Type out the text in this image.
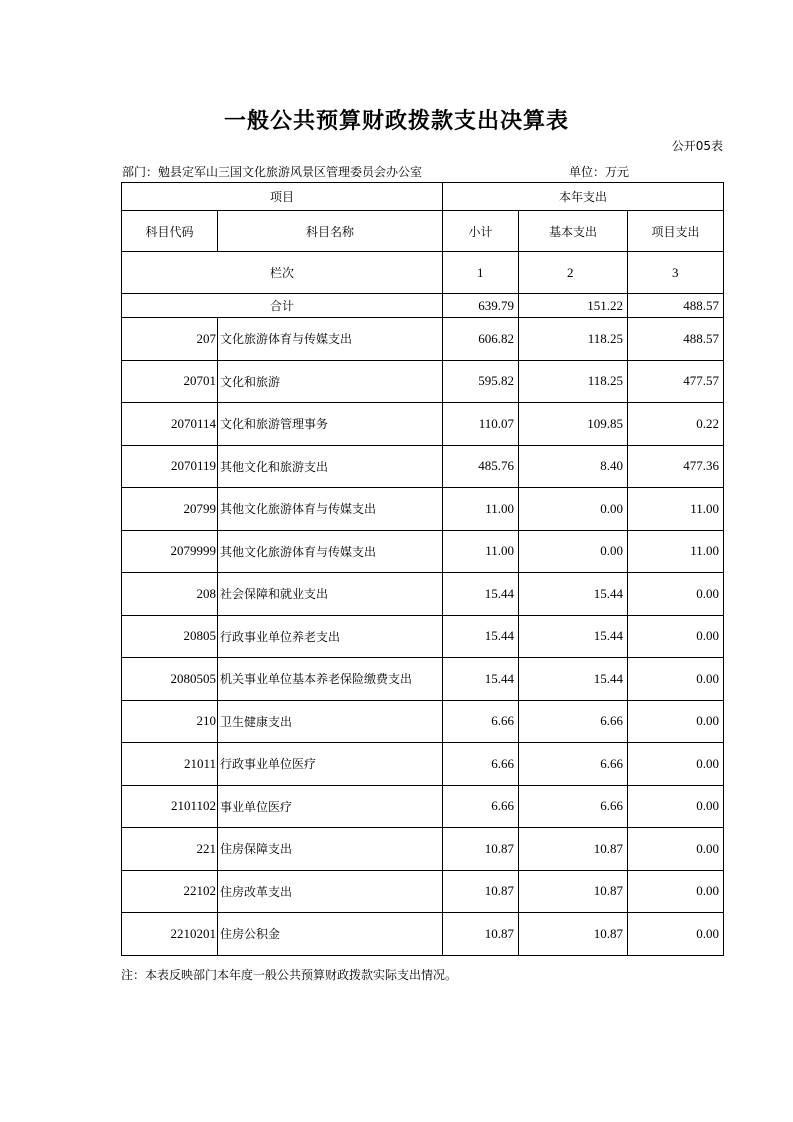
一般公共预算财政拨款支出决算表
公开05表
部门：勉县定军山三国文化旅游风景区管理委员会办公室	单位：万元
项目		本年支出		
科目代码	科目名称	小计	基本支出	项目支出
栏次		1	2	3
合计		639.79	151.22	488.57
207	文化旅游体育与传媒支出	606.82	118.25	488.57
20701	文化和旅游	595.82	118.25	477.57
2070114	文化和旅游管理事务	110.07	109.85	0.22
2070119	其他文化和旅游支出	485.76	8.40	477.36
20799	其他文化旅游体育与传媒支出	11.00	0.00	11.00
2079999	其他文化旅游体育与传媒支出	11.00	0.00	11.00
208	社会保障和就业支出	15.44	15.44	0.00
20805	行政事业单位养老支出	15.44	15.44	0.00
2080505	机关事业单位基本养老保险缴费支出	15.44	15.44	0.00
210	卫生健康支出	6.66	6.66	0.00
21011	行政事业单位医疗	6.66	6.66	0.00
2101102	事业单位医疗	6.66	6.66	0.00
221	住房保障支出	10.87	10.87	0.00
22102	住房改革支出	10.87	10.87	0.00
2210201	住房公积金	10.87	10.87	0.00
注：本表反映部门本年度一般公共预算财政拨款实际支出情况。
